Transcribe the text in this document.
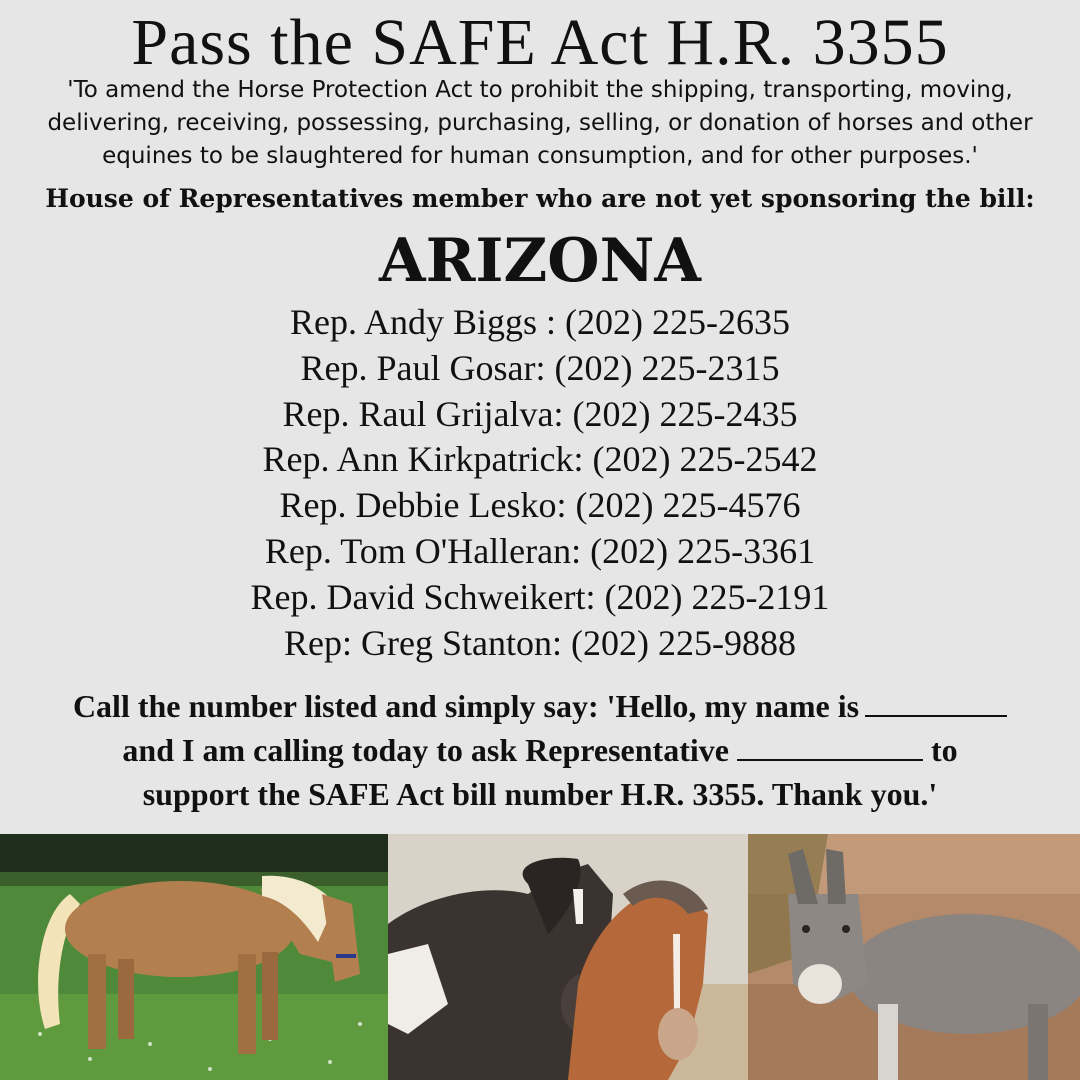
Pass the SAFE Act H.R. 3355
'To amend the Horse Protection Act to prohibit the shipping, transporting, moving,
delivering, receiving, possessing, purchasing, selling, or donation of horses and other
equines to be slaughtered for human consumption, and for other purposes.'
House of Representatives member who are not yet sponsoring the bill:
ARIZONA
Rep. Andy Biggs : (202) 225-2635
Rep. Paul Gosar: (202) 225-2315
Rep. Raul Grijalva: (202) 225-2435
Rep. Ann Kirkpatrick: (202) 225-2542
Rep. Debbie Lesko: (202) 225-4576
Rep. Tom O'Halleran: (202) 225-3361
Rep. David Schweikert: (202) 225-2191
Rep: Greg Stanton: (202) 225-9888
Call the number listed and simply say: 'Hello, my name is
and I am calling today to ask Representative	to
support the SAFE Act bill number H.R. 3355. Thank you.'
